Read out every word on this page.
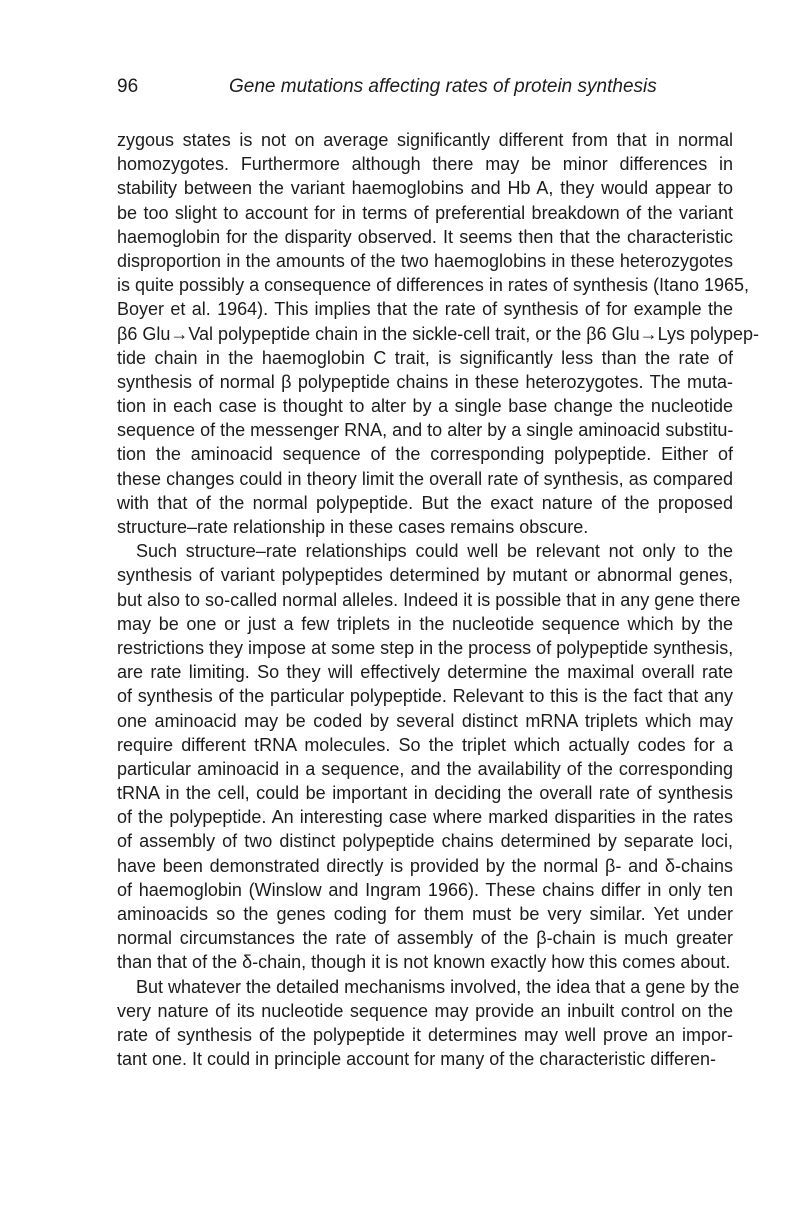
96	Gene mutations affecting rates of protein synthesis
zygous states is not on average significantly different from that in normal
homozygotes. Furthermore although there may be minor differences in
stability between the variant haemoglobins and Hb A, they would appear to
be too slight to account for in terms of preferential breakdown of the variant
haemoglobin for the disparity observed. It seems then that the characteristic
disproportion in the amounts of the two haemoglobins in these heterozygotes
is quite possibly a consequence of differences in rates of synthesis (Itano 1965,
Boyer et al. 1964). This implies that the rate of synthesis of for example the
β6 Glu→Val polypeptide chain in the sickle-cell trait, or the β6 Glu→Lys polypep-
tide chain in the haemoglobin C trait, is significantly less than the rate of
synthesis of normal β polypeptide chains in these heterozygotes. The muta-
tion in each case is thought to alter by a single base change the nucleotide
sequence of the messenger RNA, and to alter by a single aminoacid substitu-
tion the aminoacid sequence of the corresponding polypeptide. Either of
these changes could in theory limit the overall rate of synthesis, as compared
with that of the normal polypeptide. But the exact nature of the proposed
structure–rate relationship in these cases remains obscure.
Such structure–rate relationships could well be relevant not only to the
synthesis of variant polypeptides determined by mutant or abnormal genes,
but also to so-called normal alleles. Indeed it is possible that in any gene there
may be one or just a few triplets in the nucleotide sequence which by the
restrictions they impose at some step in the process of polypeptide synthesis,
are rate limiting. So they will effectively determine the maximal overall rate
of synthesis of the particular polypeptide. Relevant to this is the fact that any
one aminoacid may be coded by several distinct mRNA triplets which may
require different tRNA molecules. So the triplet which actually codes for a
particular aminoacid in a sequence, and the availability of the corresponding
tRNA in the cell, could be important in deciding the overall rate of synthesis
of the polypeptide. An interesting case where marked disparities in the rates
of assembly of two distinct polypeptide chains determined by separate loci,
have been demonstrated directly is provided by the normal β- and δ-chains
of haemoglobin (Winslow and Ingram 1966). These chains differ in only ten
aminoacids so the genes coding for them must be very similar. Yet under
normal circumstances the rate of assembly of the β-chain is much greater
than that of the δ-chain, though it is not known exactly how this comes about.
But whatever the detailed mechanisms involved, the idea that a gene by the
very nature of its nucleotide sequence may provide an inbuilt control on the
rate of synthesis of the polypeptide it determines may well prove an impor-
tant one. It could in principle account for many of the characteristic differen-
